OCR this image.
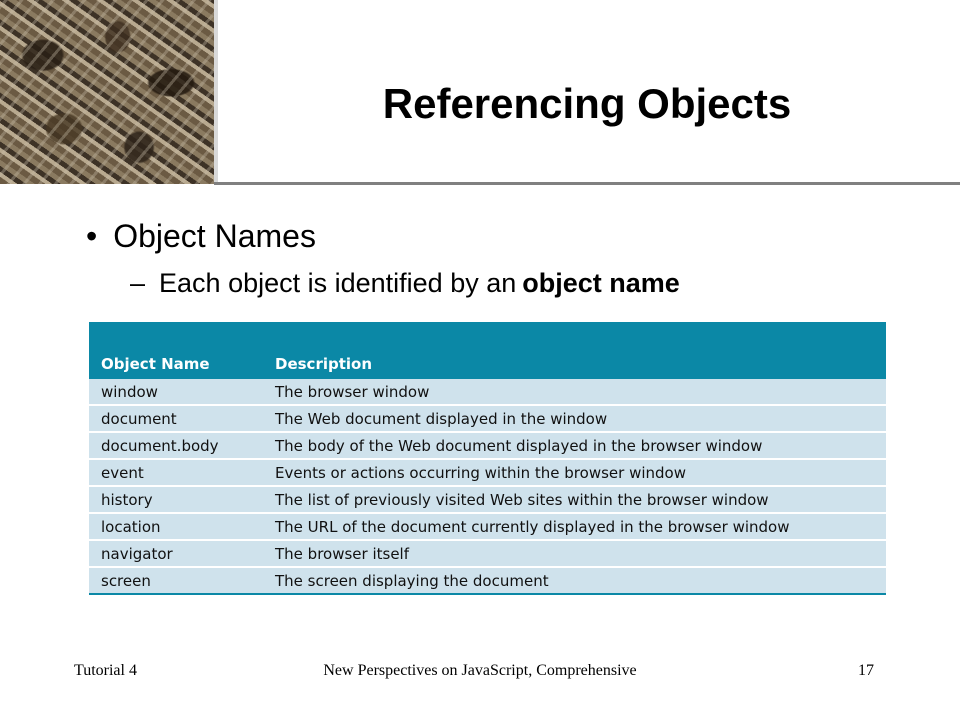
Referencing Objects
• Object Names
– Each object is identified by an object name
Object Name	Description
window	The browser window
document	The Web document displayed in the window
document.body	The body of the Web document displayed in the browser window
event	Events or actions occurring within the browser window
history	The list of previously visited Web sites within the browser window
location	The URL of the document currently displayed in the browser window
navigator	The browser itself
screen	The screen displaying the document
Tutorial 4	New Perspectives on JavaScript, Comprehensive	17
